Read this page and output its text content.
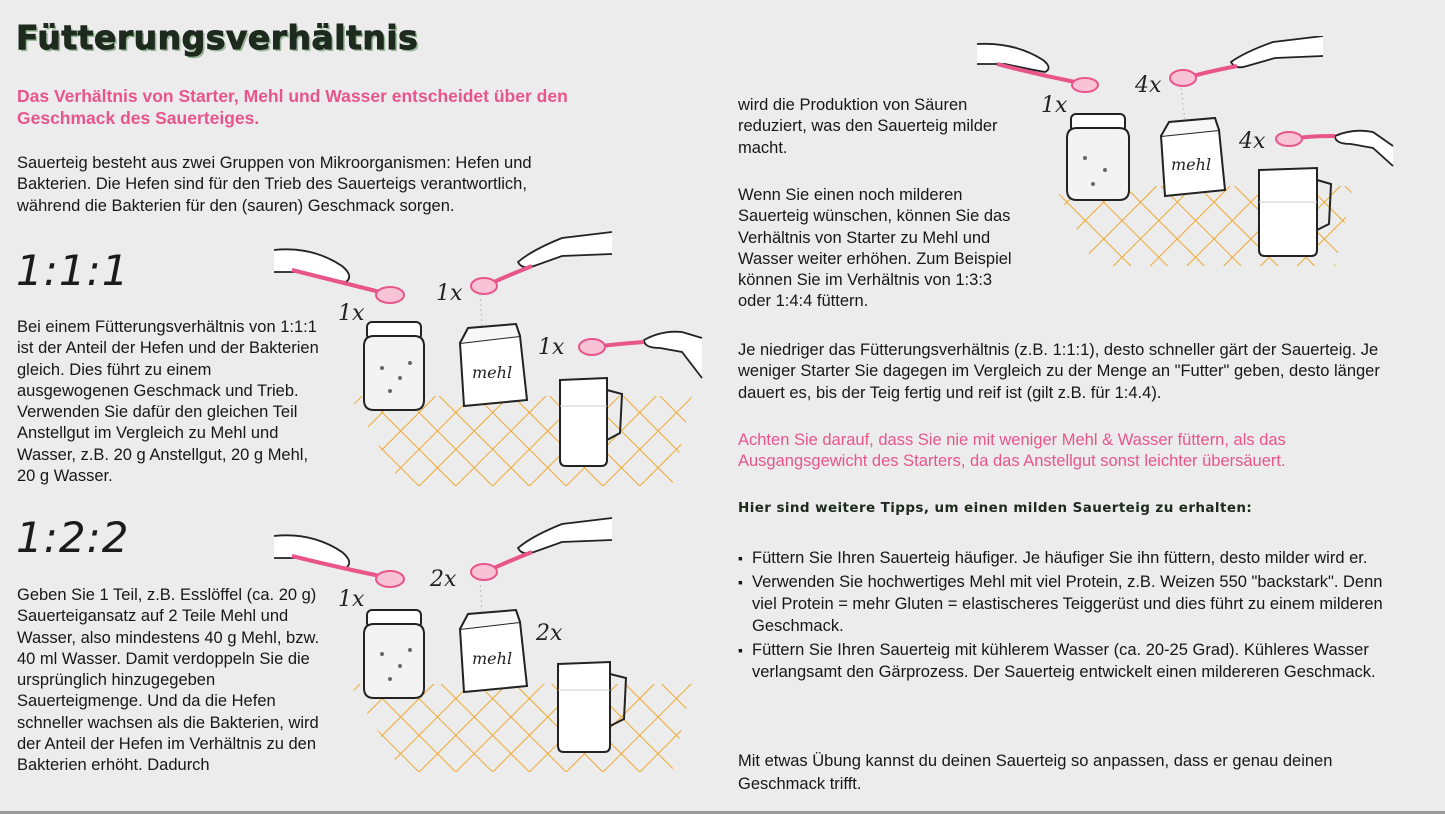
Fütterungsverhältnis
Das Verhältnis von Starter, Mehl und Wasser entscheidet über den Geschmack des Sauerteiges.
Sauerteig besteht aus zwei Gruppen von Mikroorganismen: Hefen und Bakterien. Die Hefen sind für den Trieb des Sauerteigs verantwortlich, während die Bakterien für den (sauren) Geschmack sorgen.
1:1:1
Bei einem Fütterungsverhältnis von 1:1:1 ist der Anteil der Hefen und der Bakterien gleich. Dies führt zu einem ausgewogenen Geschmack und Trieb. Verwenden Sie dafür den gleichen Teil Anstellgut im Vergleich zu Mehl und Wasser, z.B. 20 g Anstellgut, 20 g Mehl, 20 g Wasser.
1:2:2
Geben Sie 1 Teil, z.B. Esslöffel (ca. 20 g) Sauerteigansatz auf 2 Teile Mehl und Wasser, also mindestens 40 g Mehl, bzw. 40 ml Wasser. Damit verdoppeln Sie die ursprünglich hinzugegeben Sauerteigmenge. Und da die Hefen schneller wachsen als die Bakterien, wird der Anteil der Hefen im Verhältnis zu den Bakterien erhöht. Dadurch
mehl
1x
1x
1x
mehl
1x
2x
2x
wird die Produktion von Säuren reduziert, was den Sauerteig milder macht.
Wenn Sie einen noch milderen Sauerteig wünschen, können Sie das Verhältnis von Starter zu Mehl und Wasser weiter erhöhen. Zum Beispiel können Sie im Verhältnis von 1:3:3 oder 1:4:4 füttern.
mehl
1x
4x
4x
Je niedriger das Fütterungsverhältnis (z.B. 1:1:1), desto schneller gärt der Sauerteig. Je weniger Starter Sie dagegen im Vergleich zu der Menge an "Futter" geben, desto länger dauert es, bis der Teig fertig und reif ist (gilt z.B. für 1:4.4).
Achten Sie darauf, dass Sie nie mit weniger Mehl & Wasser füttern, als das Ausgangsgewicht des Starters, da das Anstellgut sonst leichter übersäuert.
Hier sind weitere Tipps, um einen milden Sauerteig zu erhalten:
▪ Füttern Sie Ihren Sauerteig häufiger. Je häufiger Sie ihn füttern, desto milder wird er.
▪ Verwenden Sie hochwertiges Mehl mit viel Protein, z.B. Weizen 550 "backstark". Denn viel Protein = mehr Gluten = elastischeres Teiggerüst und dies führt zu einem milderen Geschmack.
▪ Füttern Sie Ihren Sauerteig mit kühlerem Wasser (ca. 20-25 Grad). Kühleres Wasser verlangsamt den Gärprozess. Der Sauerteig entwickelt einen mildereren Geschmack.
Mit etwas Übung kannst du deinen Sauerteig so anpassen, dass er genau deinen Geschmack trifft.
